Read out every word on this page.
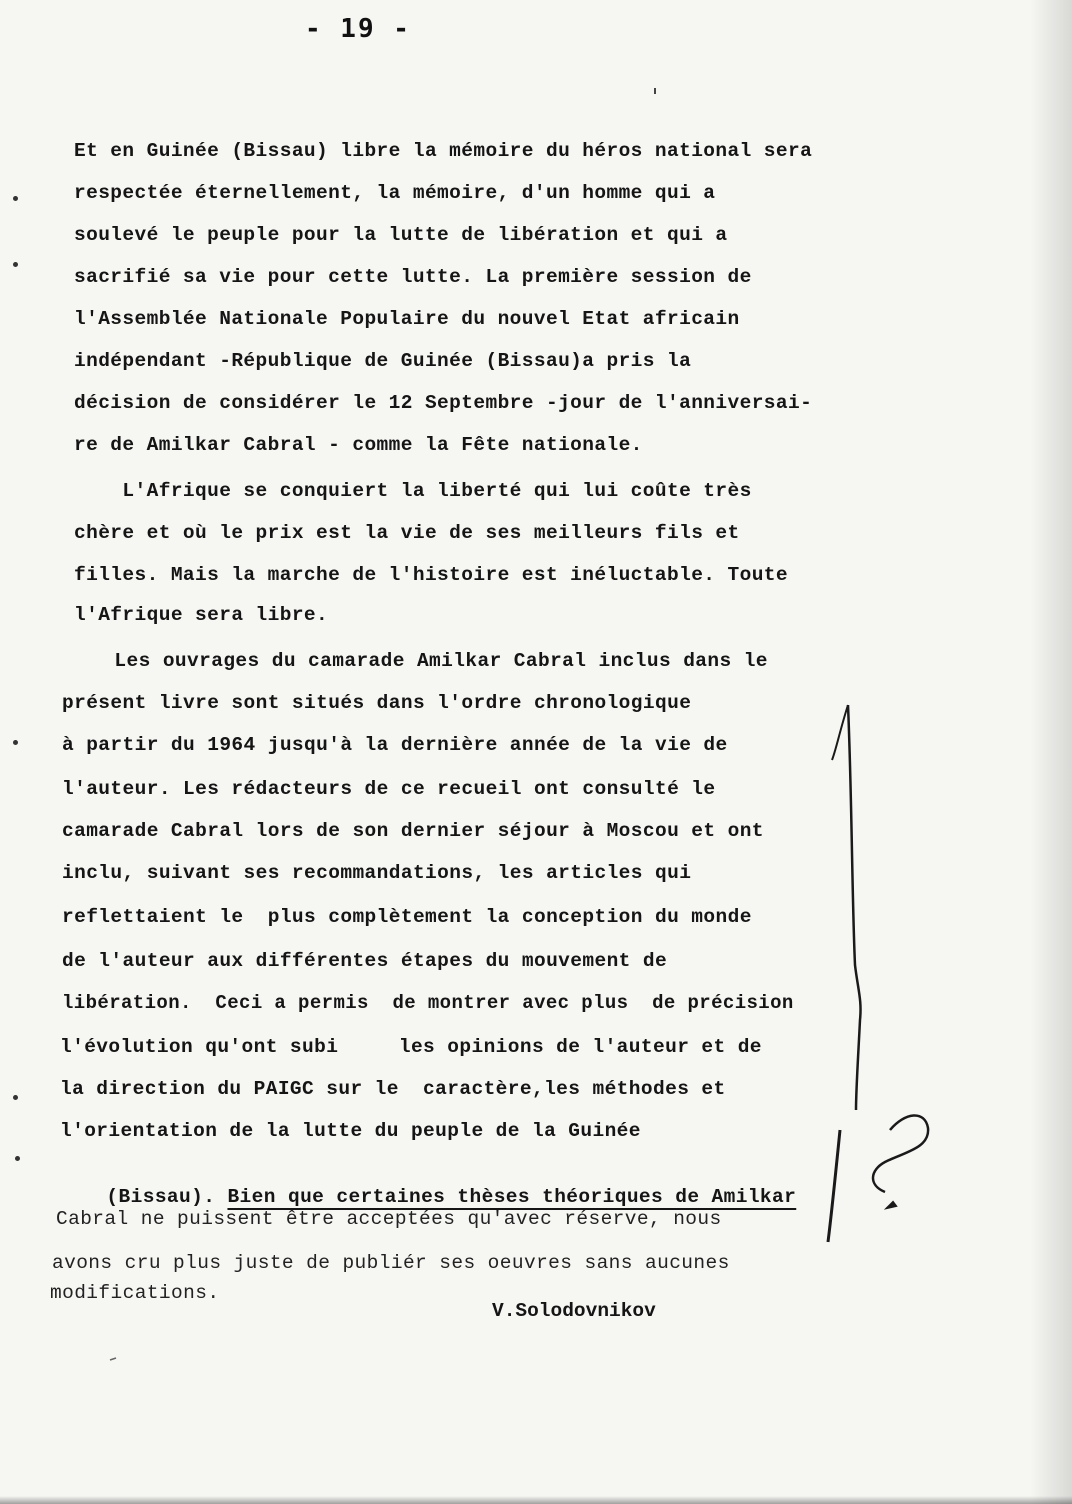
- 19 -
Et en Guinée (Bissau) libre la mémoire du héros national sera
respectée éternellement, la mémoire, d'un homme qui a
soulevé le peuple pour la lutte de libération et qui a
sacrifié sa vie pour cette lutte. La première session de
l'Assemblée Nationale Populaire du nouvel Etat africain
indépendant -République de Guinée (Bissau)a pris la
décision de considérer le 12 Septembre -jour de l'anniversai-
re de Amilkar Cabral - comme la Fête nationale.
L'Afrique se conquiert la liberté qui lui coûte très
chère et où le prix est la vie de ses meilleurs fils et
filles. Mais la marche de l'histoire est inéluctable. Toute
l'Afrique sera libre.
Les ouvrages du camarade Amilkar Cabral inclus dans le
présent livre sont situés dans l'ordre chronologique
à partir du 1964 jusqu'à la dernière année de la vie de
l'auteur. Les rédacteurs de ce recueil ont consulté le
camarade Cabral lors de son dernier séjour à Moscou et ont
inclu, suivant ses recommandations, les articles qui
reflettaient le  plus complètement la conception du monde
de l'auteur aux différentes étapes du mouvement de
libération.  Ceci a permis  de montrer avec plus  de précision
l'évolution qu'ont subi     les opinions de l'auteur et de
la direction du PAIGC sur le  caractère,les méthodes et
l'orientation de la lutte du peuple de la Guinée

(Bissau). Bien que certaines thèses théoriques de Amilkar

Cabral ne puissent être acceptées qu'avec réserve, nous
avons cru plus juste de publiér ses oeuvres sans aucunes
modifications.
V.Solodovnikov
